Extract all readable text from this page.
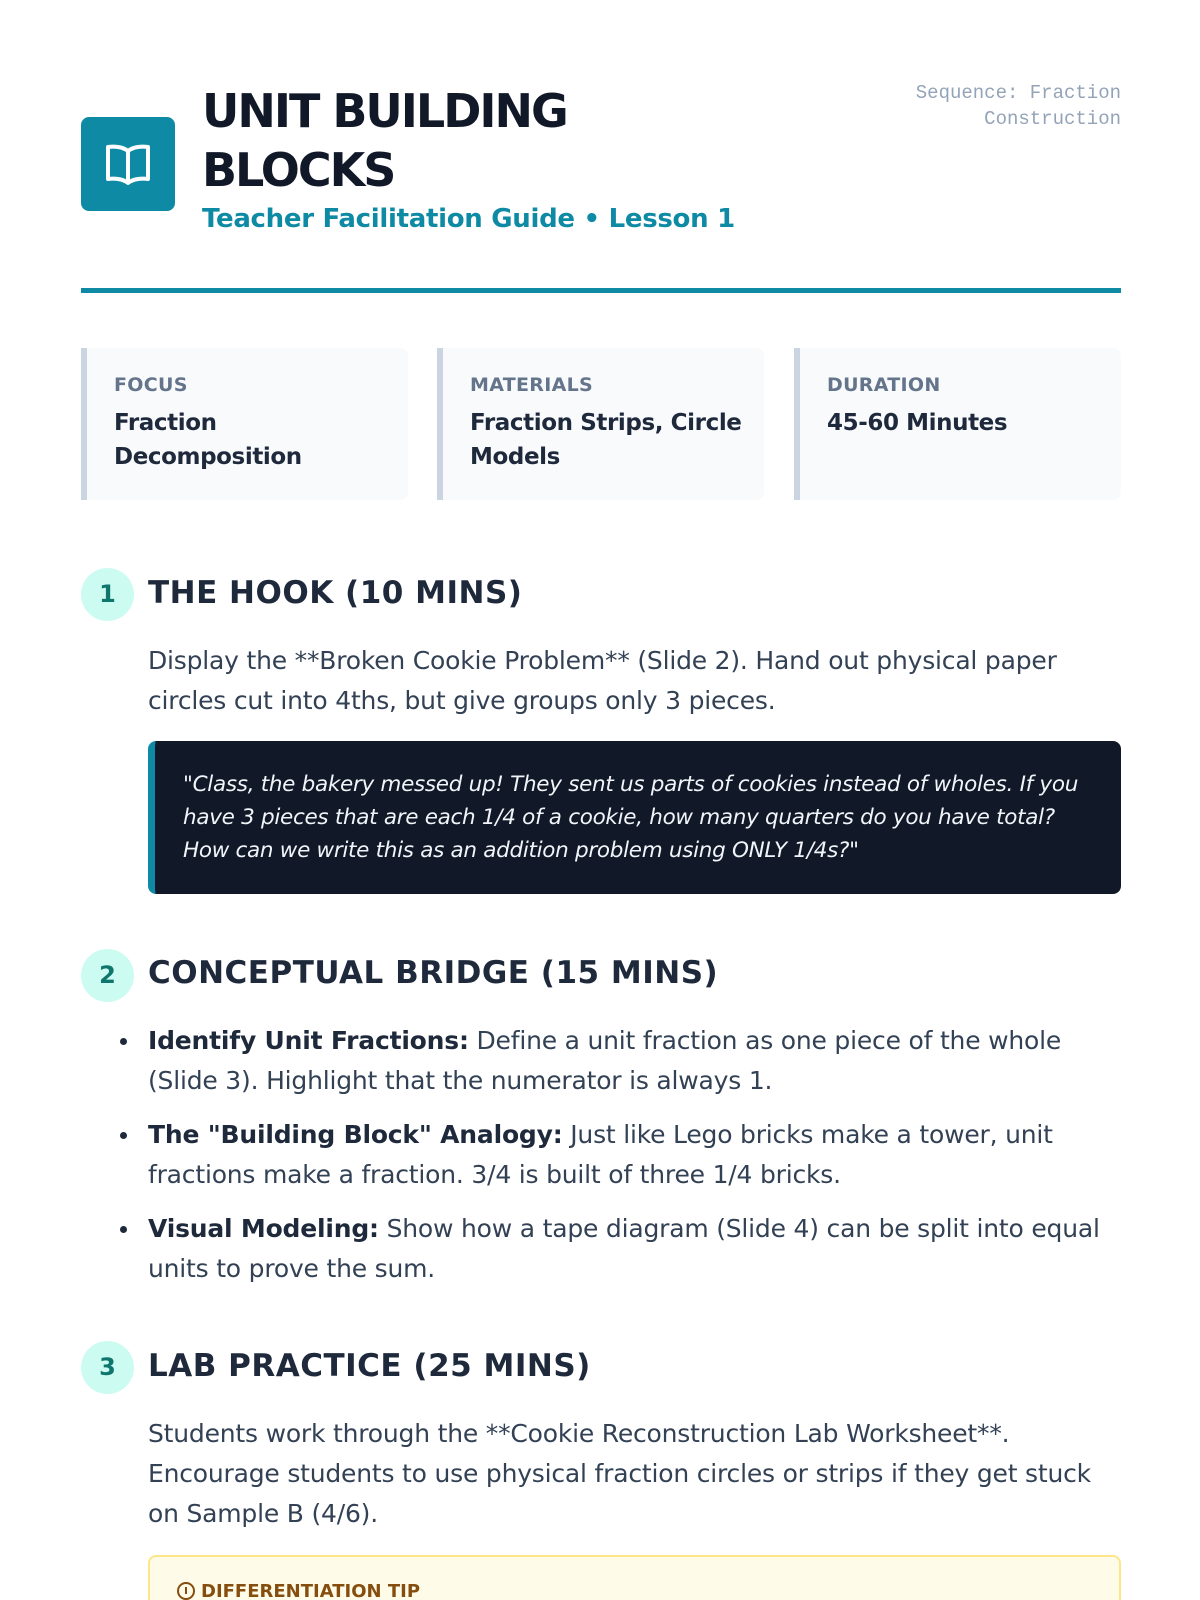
UNIT BUILDING BLOCKS
Teacher Facilitation Guide • Lesson 1
Sequence: Fraction Construction
FOCUS
Fraction Decomposition
MATERIALS
Fraction Strips, Circle Models
DURATION
45-60 Minutes
1	THE HOOK (10 MINS)
Display the **Broken Cookie Problem** (Slide 2). Hand out physical paper circles cut into 4ths, but give groups only 3 pieces.
"Class, the bakery messed up! They sent us parts of cookies instead of wholes. If you have 3 pieces that are each 1/4 of a cookie, how many quarters do you have total? How can we write this as an addition problem using ONLY 1/4s?"
2	CONCEPTUAL BRIDGE (15 MINS)
Identify Unit Fractions: Define a unit fraction as one piece of the whole (Slide 3). Highlight that the numerator is always 1.
The "Building Block" Analogy: Just like Lego bricks make a tower, unit fractions make a fraction. 3/4 is built of three 1/4 bricks.
Visual Modeling: Show how a tape diagram (Slide 4) can be split into equal units to prove the sum.
3	LAB PRACTICE (25 MINS)
Students work through the **Cookie Reconstruction Lab Worksheet**. Encourage students to use physical fraction circles or strips if they get stuck on Sample B (4/6).
DIFFERENTIATION TIP
